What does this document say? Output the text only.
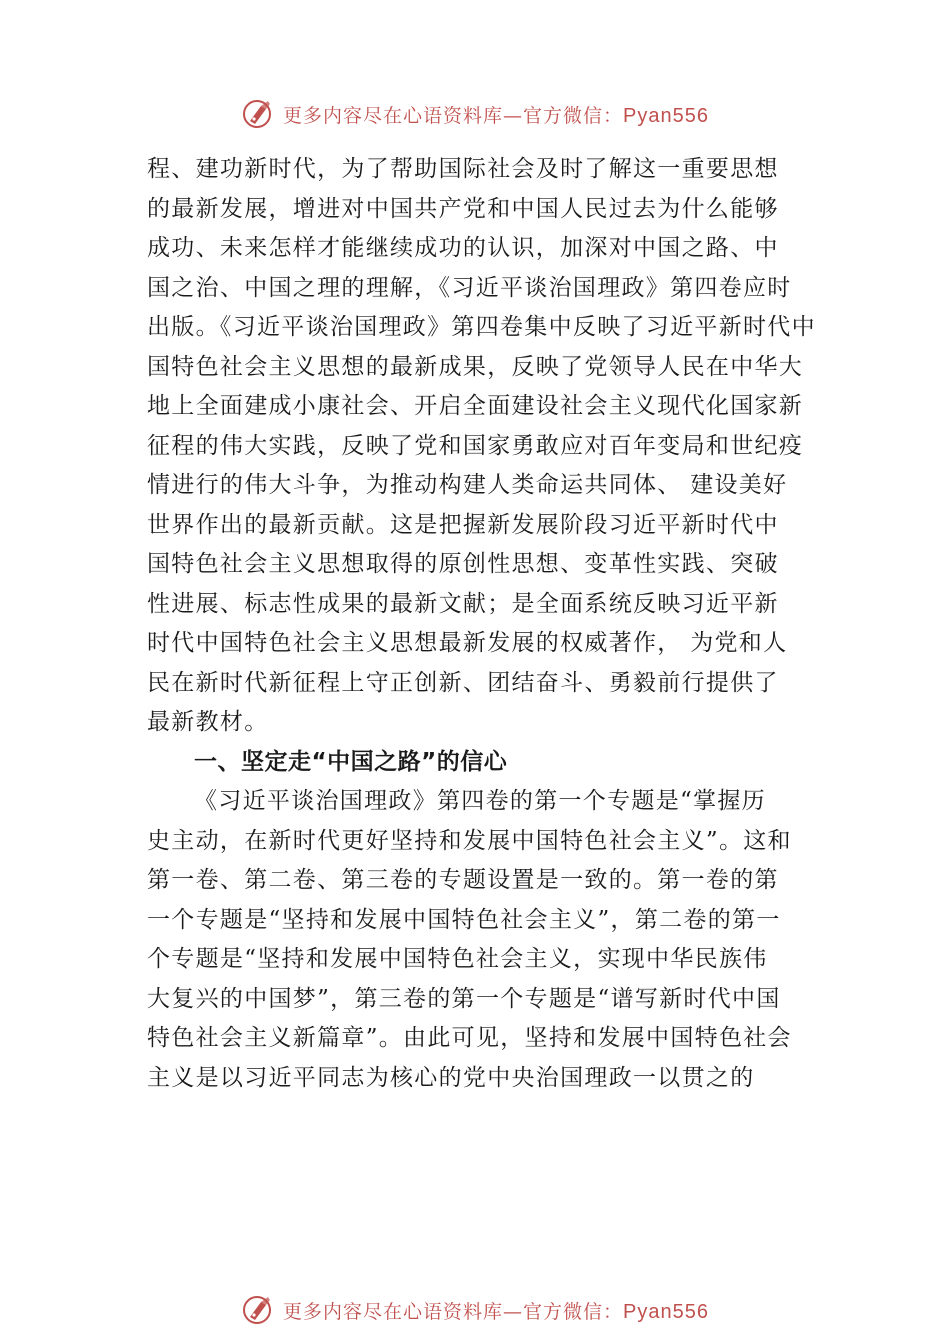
更多内容尽在心语资料库—官方微信：Pyan556
程、建功新时代，为了帮助国际社会及时了解这一重要思想
的最新发展，增进对中国共产党和中国人民过去为什么能够
成功、未来怎样才能继续成功的认识，加深对中国之路、中
国之治、中国之理的理解，《习近平谈治国理政》第四卷应时
出版。《习近平谈治国理政》第四卷集中反映了习近平新时代中
国特色社会主义思想的最新成果，反映了党领导人民在中华大
地上全面建成小康社会、开启全面建设社会主义现代化国家新
征程的伟大实践，反映了党和国家勇敢应对百年变局和世纪疫
情进行的伟大斗争，为推动构建人类命运共同体、 建设美好
世界作出的最新贡献。这是把握新发展阶段习近平新时代中
国特色社会主义思想取得的原创性思想、变革性实践、突破
性进展、标志性成果的最新文献；是全面系统反映习近平新
时代中国特色社会主义思想最新发展的权威著作， 为党和人
民在新时代新征程上守正创新、团结奋斗、勇毅前行提供了
最新教材。
一、坚定走“中国之路”的信心
《习近平谈治国理政》第四卷的第一个专题是“掌握历
史主动，在新时代更好坚持和发展中国特色社会主义”。这和
第一卷、第二卷、第三卷的专题设置是一致的。第一卷的第
一个专题是“坚持和发展中国特色社会主义”，第二卷的第一
个专题是“坚持和发展中国特色社会主义，实现中华民族伟
大复兴的中国梦”，第三卷的第一个专题是“谱写新时代中国
特色社会主义新篇章”。由此可见，坚持和发展中国特色社会
主义是以习近平同志为核心的党中央治国理政一以贯之的
更多内容尽在心语资料库—官方微信：Pyan556
